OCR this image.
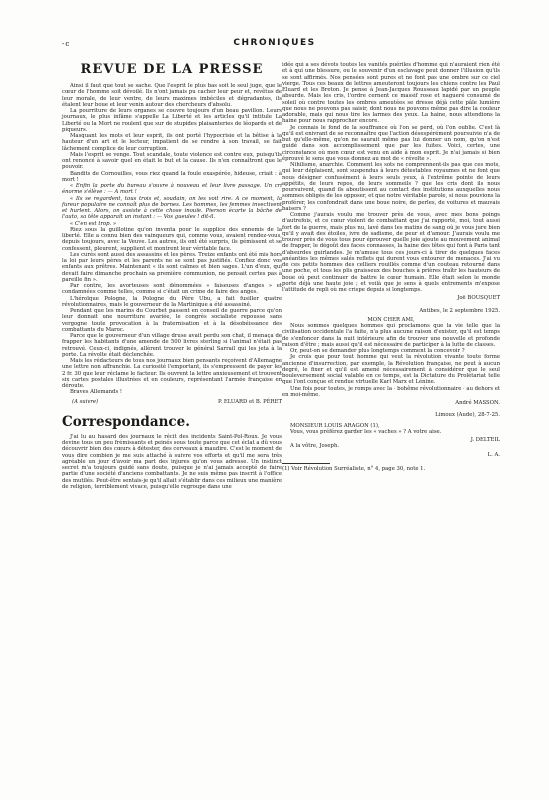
-c	CHRONIQUES
REVUE DE LA PRESSE

Ainsi il faut que tout se sache. Que l'esprit le plus bas soit le seul juge, que le cœur de l'homme soit dévoilé. Ils n'ont jamais pu cacher leur peur et, revêtus de leur morale, de leur ventre, de leurs maximes imbéciles et dégradantes, ils étalent leur boue et leur venin autour des chercheurs d'absolu.

La pourriture de leurs organes se couvre toujours d'un beau pavillon. Leurs journaux, le plus infâme s'appelle La Liberté et les articles qu'il intitule La Liberté ou la Mort ne roulent que sur de stupides plaisanteries de léopards et de piqueurs.

Masquant les mots et leur esprit, ils ont porté l'hypocrisie et la bêtise à la hauteur d'un art et le lecteur, impatient de se rendre à son travail, se fait lâchement complice de leur corruption.

Mais l'esprit se venge. Tout scandale, toute violence est contre eux, puisqu'ils ont renoncé à savoir quel en était le but et la cause. Ils n'en connaîtront que le pouvoir.

Bandits de Cornouilles, vous riez quand la foule exaspérée, hideuse, criait : à mort !

« Enfin la porte du bureau s'ouvre à nouveau et leur livre passage. Un cri énorme s'élève : — A mort !

« Ils se regardent, tous trois et, soudain, on les voit rire. A ce moment, la fureur populaire ne connaît plus de bornes. Les hommes, les femmes invectivent et hurlent. Alors, on assiste à cette chose inouïe. Pierson écarte la bâche de l'auto, sa tête apparaît un instant : — Vos gueules ! dit-il.

« C'en est trop. »

Riez sous la guillotine qu'on inventa pour le supplice des ennemis de la liberté. Elle a connu bien des vainqueurs qui, comme vous, avaient rendez-vous, depuis toujours, avec la Veuve. Les autres, ils ont été surpris, ils gémissent et se confessent, pleurent, supplient et montrent leur véritable face.

Les curés sont aussi des assassins et les pères. Treize enfants ont été mis hors la loi par leurs pères et les parents ne se sont pas justifiés. Confiez donc vos enfants aux prêtres. Maintenant « ils sont calmes et bien sages. L'un d'eux, qui devait faire dimanche prochain sa première communion, ne pensait certes pas à pareille fin ».

Par contre, les avorteuses sont dénommées « faiseuses d'anges » et condamnées comme telles, comme si c'était un crime de faire des anges.

L'héroïque Pologne, la Pologne du Père Ubu, a fait fusiller quatre révolutionnaires, mais le gouverneur de la Martinique a été assassiné.

Pendant que les marins du Courbet passent en conseil de guerre parce qu'on leur donnait une nourriture avariée, le congrès socialiste repousse sans vergogne toute provocation à la fraternisation et à la désobéissance des combattants du Maroc.

Parce que le gouverneur d'un village druse avait perdu son chat, il menaça de frapper les habitants d'une amende de 500 livres sterling si l'animal n'était pas retrouvé. Ceux-ci, indignés, allèrent trouver le général Sarrail qui les jeta à la porte. La révolte était déclenchée.

Mais les rédacteurs de tous nos journaux bien pensants reçoivent d'Allemagne une lettre non affranchie. La curiosité l'emportant, ils s'empressent de payer les 2 fr. 30 que leur réclame le facteur. Ils ouvrent la lettre anxieusement et trouvent six cartes postales illustrées et en couleurs, représentant l'armée française en déroute.

Braves Allemands !

(A suivre)	P. ELUARD et B. PÉRET
Correspondance.

J'ai lu au hasard des journaux le récit des incidents Saint-Pol-Roux. Je vous devine tous un peu frémissants et peinés sous toute parce que cet éclat a dû vous découvrir bien des cœurs à détester, des cerveaux à maudire. C'est le moment de vous dire combien je me suis attaché à suivre vos efforts et qu'il me sera très agréable un jour d'avoir ma part des injures qu'on vous adresse. Un instinct secret m'a toujours guidé sans doute, puisque je n'ai jamais accepté de faire partie d'une société d'anciens combattants. Je ne suis même pas inscrit à l'office des mutilés. Peut-être sentais-je qu'il allait s'établir dans ces milieux une manière de religion, terriblement vivace, puisqu'elle regroupe dans une

idée qui a ses dévots toutes les vanités puériles d'homme qui n'auraient rien été et à qui une blessure, ou le souvenir d'un esclavage peut donner l'illusion qu'ils se sont affirmés. Nos pensées sont pures et ne font pas une ombre sur ce ciel vierge. Tous ces beaux de lettres ameuteront toujours les chiens contre les Paul Eluard et les Breton. Je pense à Jean-Jacques Rousseau lapidé par un peuple absurde. Mais les cris, l'ordre cernent ce massif rose et nagueré consumé de soleil où contre toutes les ombres ameutées se dresse déjà cette pâle lumière que nous ne pouvons pas saisir, dont nous ne pouvons même pas dire la couleur adorable, mais qui nous tire les larmes des yeux. La haine, nous attendions la haine pour nous rapprocher encore.

Je connais le fond de la souffrance où l'on se perd, où l'on oublie. C'est là qu'il est enivrant de se reconnaître que l'action désespérément poursuivie n'a de but qu'elle-même, qu'on ne saurait même pas lui donner un nom, qu'on n'est guidé dans son accomplissement que par les fuites. Voici, certes, une circonstance où mon cœur est venu en aide à mon esprit. Je n'ai jamais si bien éprouvé le sens que vous donnez au mot de « révolte ».

Nihilisme, anarchie. Comment les sots ne comprennent-ils pas que ces mots, qui leur déplaisent, sont suspendus à leurs détestables royaumes et ne font que nous désigner confusément à leurs seuls yeux, à l'extrême pointe de leurs appétits, de leurs repos, de leurs sommeils ? que les cris dont ils nous poursuivent, quand ils aboutissent au contact des institutions auxquelles nous sommes obligés de les opposer, et que notre véritable parole, si nous pouvions la proférer, les confondrait dans une boue noire, de perles, de voitures et mauvais baisers ?

Comme j'aurais voulu me trouver près de vous, avec mes bons poings d'autrefois, et ce cœur violent de combattant que j'ai rapporté, moi, tout aussi fort de la guerre, mais plus nu, lavé dans les matins de sang où je vous jure bien qu'il y avait des étoiles, ivre de sadisme, de peur et d'amour. J'aurais voulu me trouver près de vous tous pour éprouver quelle joie ajoute au mouvement animal de frapper, le dégoût des faces connasses, la haine des têtes qui font à Paris tant d'absurdes guirlandes. Je m'amuse tous ces jours-ci à tirer de quelques faces anéanties les mêmes salés reflets qui durent vous entourer de menaces. J'ai vu de ces petits hommes des celliers rouillés comme d'un couteau retourné dans une poche, et tous les plis graisseux des bouches à prières traîtr les hauteurs de boue où peut continuer de battre le cœur humain. Elle était selon le monde porte déjà une haute joie ; et voilà que je sens à quels entrements m'expose l'attitude de repli où me crispe depuis si longtemps.

Joë BOUSQUET

Antibes, le 2 septembre 1925.

MON CHER AMI,

Nous sommes quelques hommes qui proclamons que la vie telle que la civilisation occidentale l'a faite, n'a plus aucune raison d'exister, qu'il est temps de s'enfoncer dans la nuit intérieure afin de trouver une nouvelle et profonde raison d'être ; mais aussi qu'il est nécessaire de participer à la lutte de classes.

Or, peut-on se demander plus longtemps comment la concevoir ?

Je crois que pour tout homme qui veut la révolution vivante toute forme ancienne d'insurrection, par exemple, la Révolution française, ne peut à aucun degré, le fixer et qu'il est amené nécessairement à considérer que le seul bouleversement social valable en ce temps, est la Dictature du Prolétariat telle que l'ont conçue et rendue virtuelle Karl Marx et Lénine.

Une fois pour toutes, je romps avec la · bohême révolutionnaire · au dehors et en moi-même.

André MASSON.

Limoux (Aude), 28-7-25.

MONSIEUR LOUIS ARAGON (1),

Vous, vous préférez garder les « vaches » ? A votre aise.

J. DELTEIL

A la vôtre, Joseph.

L. A.

(1) Voir Révolution Surréaliste, n° 4, page 30, note 1.
